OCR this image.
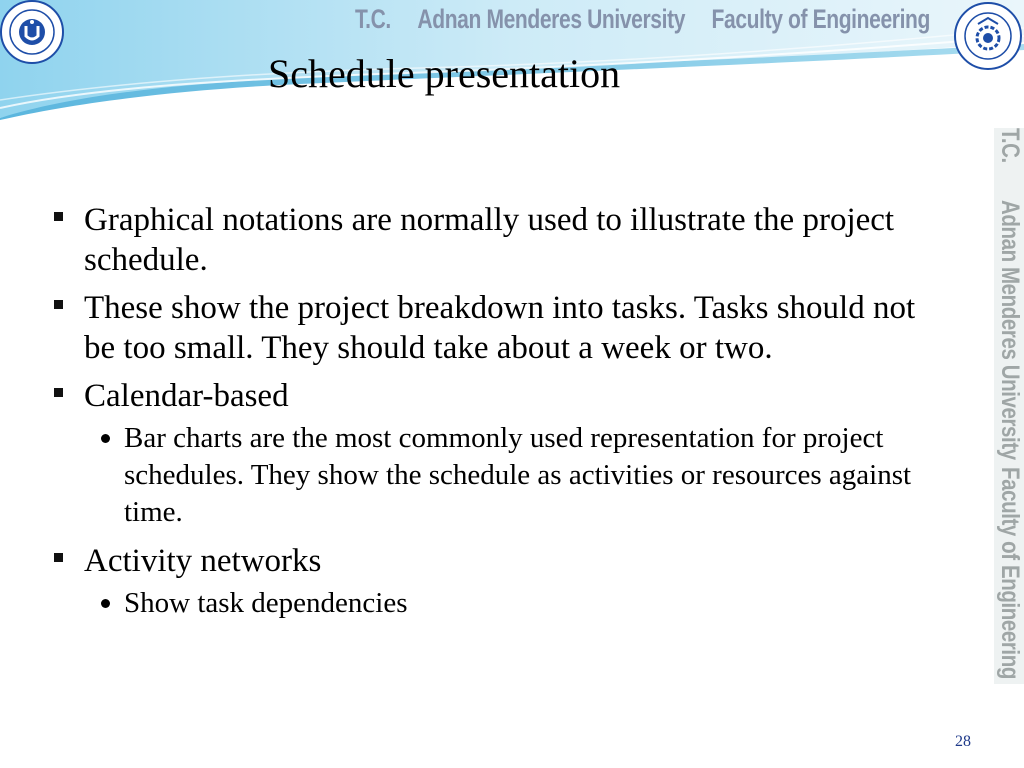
T.C. Adnan Menderes University Faculty of Engineering
Schedule presentation
T.C.Adnan Menderes UniversityFaculty of Engineering
Graphical notations are normally used to illustrate the project schedule.
These show the project breakdown into tasks. Tasks should not be too small. They should take about a week or two.
Calendar-based
Bar charts are the most commonly used representation for project schedules. They show the schedule as activities or resources against time.
Activity networks
Show task dependencies
28
